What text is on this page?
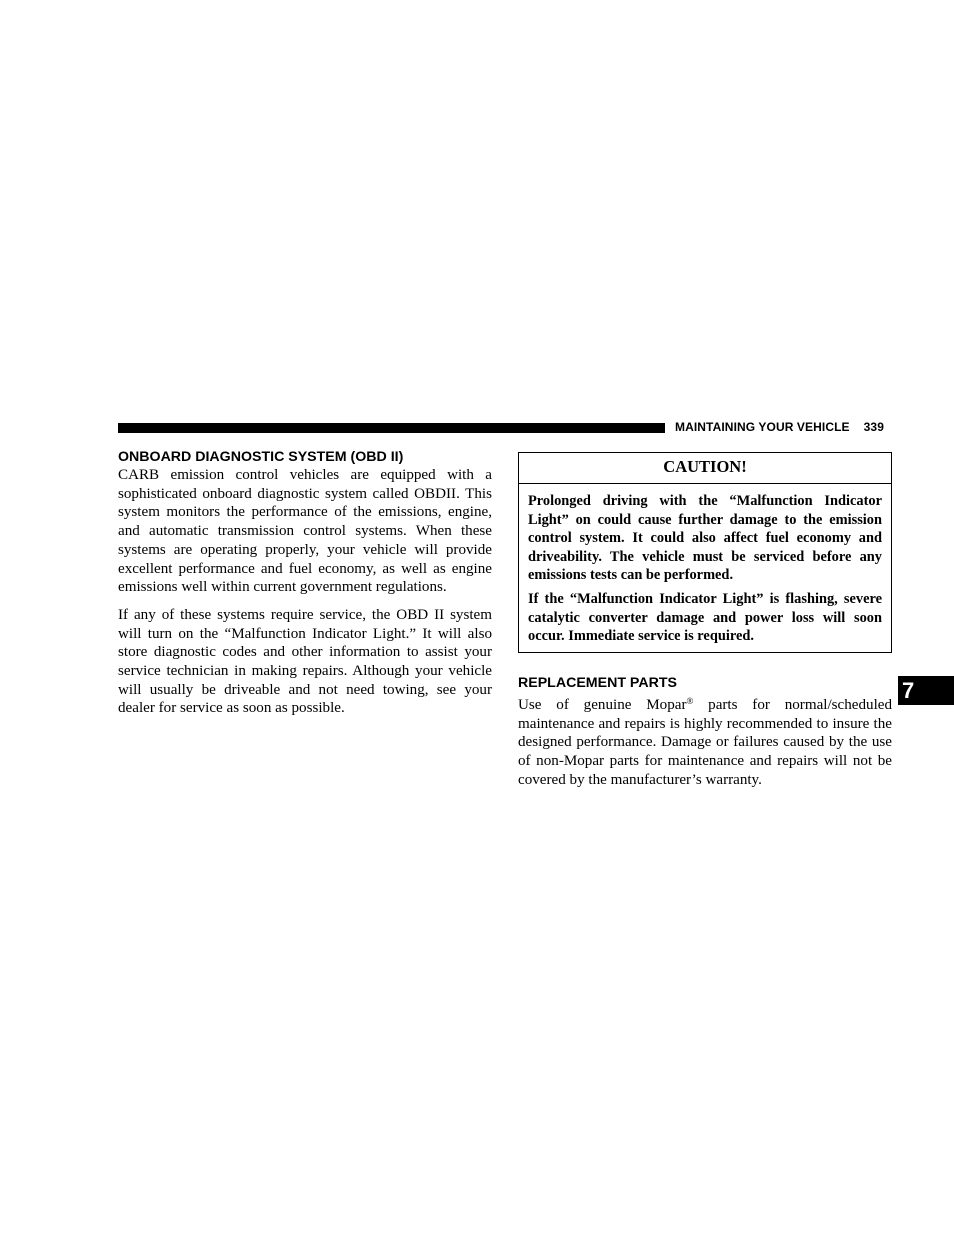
MAINTAINING YOUR VEHICLE 339
ONBOARD DIAGNOSTIC SYSTEM (OBD II)

CARB emission control vehicles are equipped with a sophisticated onboard diagnostic system called OBDII. This system monitors the performance of the emissions, engine, and automatic transmission control systems. When these systems are operating properly, your vehicle will provide excellent performance and fuel economy, as well as engine emissions well within current government regulations.

If any of these systems require service, the OBD II system will turn on the “Malfunction Indicator Light.” It will also store diagnostic codes and other information to assist your service technician in making repairs. Although your vehicle will usually be driveable and not need towing, see your dealer for service as soon as possible.

CAUTION!

Prolonged driving with the “Malfunction Indicator Light” on could cause further damage to the emission control system. It could also affect fuel economy and driveability. The vehicle must be serviced before any emissions tests can be performed.

If the “Malfunction Indicator Light” is flashing, severe catalytic converter damage and power loss will soon occur. Immediate service is required.

REPLACEMENT PARTS

Use of genuine Mopar® parts for normal/scheduled maintenance and repairs is highly recommended to insure the designed performance. Damage or failures caused by the use of non-Mopar parts for maintenance and repairs will not be covered by the manufacturer’s warranty.

7
